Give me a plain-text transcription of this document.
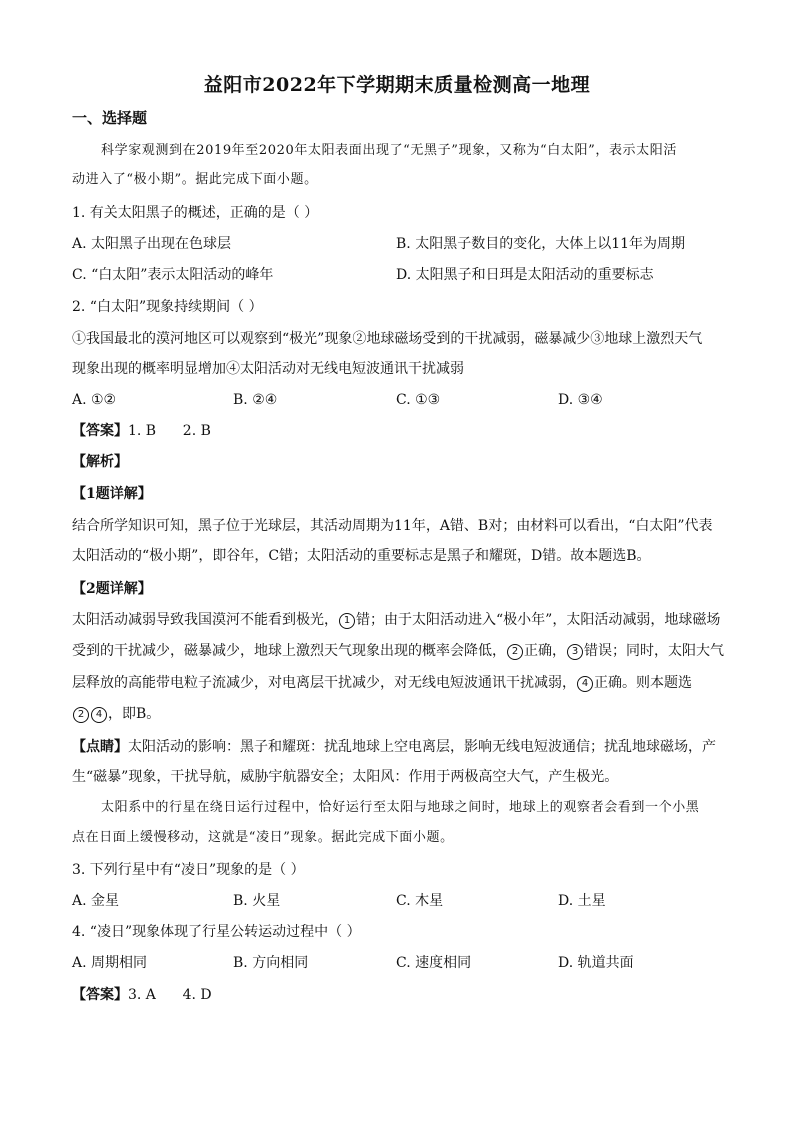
益阳市2022年下学期期末质量检测高一地理
一、选择题
科学家观测到在2019年至2020年太阳表面出现了“无黑子”现象，又称为“白太阳”，表示太阳活
动进入了“极小期”。据此完成下面小题。
1. 有关太阳黑子的概述，正确的是（ ）
A. 太阳黑子出现在色球层	B. 太阳黑子数目的变化，大体上以11年为周期
C. “白太阳”表示太阳活动的峰年	D. 太阳黑子和日珥是太阳活动的重要标志
2. “白太阳”现象持续期间（ ）
①我国最北的漠河地区可以观察到“极光”现象②地球磁场受到的干扰减弱，磁暴减少③地球上激烈天气
现象出现的概率明显增加④太阳活动对无线电短波通讯干扰减弱
A. ①②	B. ②④	C. ①③	D. ③④
【答案】1. B      2. B
【解析】
【1题详解】
结合所学知识可知，黑子位于光球层，其活动周期为11年，A错、B对；由材料可以看出，“白太阳”代表
太阳活动的“极小期”，即谷年，C错；太阳活动的重要标志是黑子和耀斑，D错。故本题选B。
【2题详解】
太阳活动减弱导致我国漠河不能看到极光， 1 错；由于太阳活动进入“极小年”，太阳活动减弱，地球磁场
受到的干扰减少，磁暴减少，地球上激烈天气现象出现的概率会降低， 2 正确， 3 错误；同时，太阳大气
层释放的高能带电粒子流减少，对电离层干扰减少，对无线电短波通讯干扰减弱， 4 正确。则本题选
2 4 ，即B。
【点睛】太阳活动的影响：黑子和耀斑：扰乱地球上空电离层，影响无线电短波通信；扰乱地球磁场，产
生“磁暴”现象，干扰导航，威胁宇航器安全；太阳风：作用于两极高空大气，产生极光。
太阳系中的行星在绕日运行过程中，恰好运行至太阳与地球之间时，地球上的观察者会看到一个小黑
点在日面上缓慢移动，这就是“凌日”现象。据此完成下面小题。
3. 下列行星中有“凌日”现象的是（ ）
A. 金星	B. 火星	C. 木星	D. 土星
4. “凌日”现象体现了行星公转运动过程中（ ）
A. 周期相同	B. 方向相同	C. 速度相同	D. 轨道共面
【答案】3. A      4. D
